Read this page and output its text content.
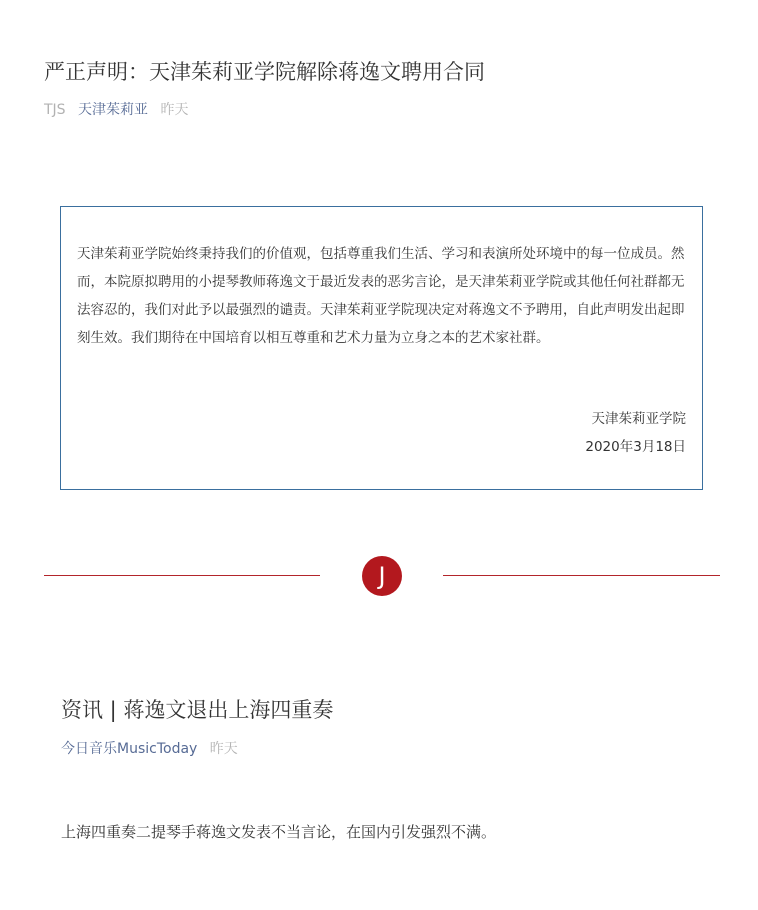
严正声明：天津茱莉亚学院解除蒋逸文聘用合同
TJS 天津茱莉亚 昨天

天津茱莉亚学院始终秉持我们的价值观，包括尊重我们生活、学习和表演所处环境中的每一位成员。然而，本院原拟聘用的小提琴教师蒋逸文于最近发表的恶劣言论，是天津茱莉亚学院或其他任何社群都无法容忍的，我们对此予以最强烈的谴责。天津茱莉亚学院现决定对蒋逸文不予聘用，自此声明发出起即刻生效。我们期待在中国培育以相互尊重和艺术力量为立身之本的艺术家社群。

天津茱莉亚学院
2020年3月18日
J
资讯 | 蒋逸文退出上海四重奏
今日音乐MusicToday 昨天

上海四重奏二提琴手蒋逸文发表不当言论，在国内引发强烈不满。
